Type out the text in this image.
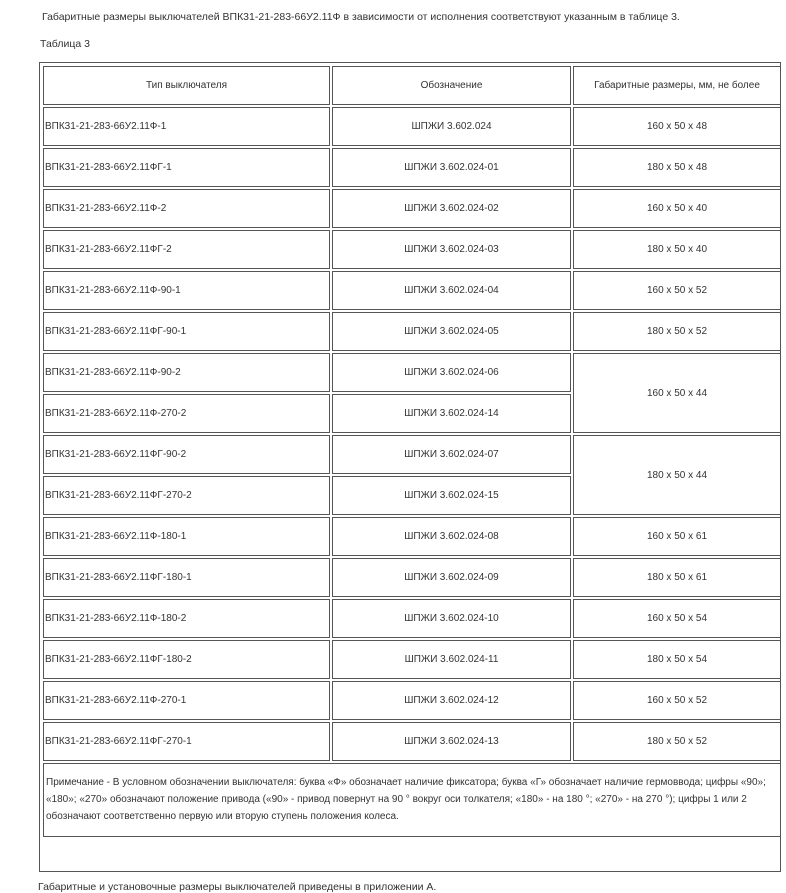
Габаритные размеры выключателей ВПК31-21-283-66У2.11Ф в зависимости от исполнения соответствуют указанным в таблице 3.
Таблица 3
Тип выключателя	Обозначение	Габаритные размеры, мм, не более
ВПК31-21-283-66У2.11Ф-1	ШПЖИ 3.602.024	160 х 50 х 48
ВПК31-21-283-66У2.11ФГ-1	ШПЖИ 3.602.024-01	180 х 50 х 48
ВПК31-21-283-66У2.11Ф-2	ШПЖИ 3.602.024-02	160 х 50 х 40
ВПК31-21-283-66У2.11ФГ-2	ШПЖИ 3.602.024-03	180 х 50 х 40
ВПК31-21-283-66У2.11Ф-90-1	ШПЖИ 3.602.024-04	160 х 50 х 52
ВПК31-21-283-66У2.11ФГ-90-1	ШПЖИ 3.602.024-05	180 х 50 х 52
ВПК31-21-283-66У2.11Ф-90-2	ШПЖИ 3.602.024-06	160 х 50 х 44
ВПК31-21-283-66У2.11Ф-270-2	ШПЖИ 3.602.024-14	
ВПК31-21-283-66У2.11ФГ-90-2	ШПЖИ 3.602.024-07	180 х 50 х 44
ВПК31-21-283-66У2.11ФГ-270-2	ШПЖИ 3.602.024-15	
ВПК31-21-283-66У2.11Ф-180-1	ШПЖИ 3.602.024-08	160 х 50 х 61
ВПК31-21-283-66У2.11ФГ-180-1	ШПЖИ 3.602.024-09	180 х 50 х 61
ВПК31-21-283-66У2.11Ф-180-2	ШПЖИ 3.602.024-10	160 х 50 х 54
ВПК31-21-283-66У2.11ФГ-180-2	ШПЖИ 3.602.024-11	180 х 50 х 54
ВПК31-21-283-66У2.11Ф-270-1	ШПЖИ 3.602.024-12	160 х 50 х 52
ВПК31-21-283-66У2.11ФГ-270-1	ШПЖИ 3.602.024-13	180 х 50 х 52
Примечание - В условном обозначении выключателя: буква «Ф» обозначает наличие фиксатора; буква «Г» обозначает наличие гермоввода; цифры «90»; «180»; «270» обозначают положение привода («90» - привод повернут на 90 ° вокруг оси толкателя; «180» - на 180 °; «270» - на 270 °); цифры 1 или 2 обозначают соответственно первую или вторую ступень положения колеса.		
Габаритные и установочные размеры выключателей приведены в приложении А.
